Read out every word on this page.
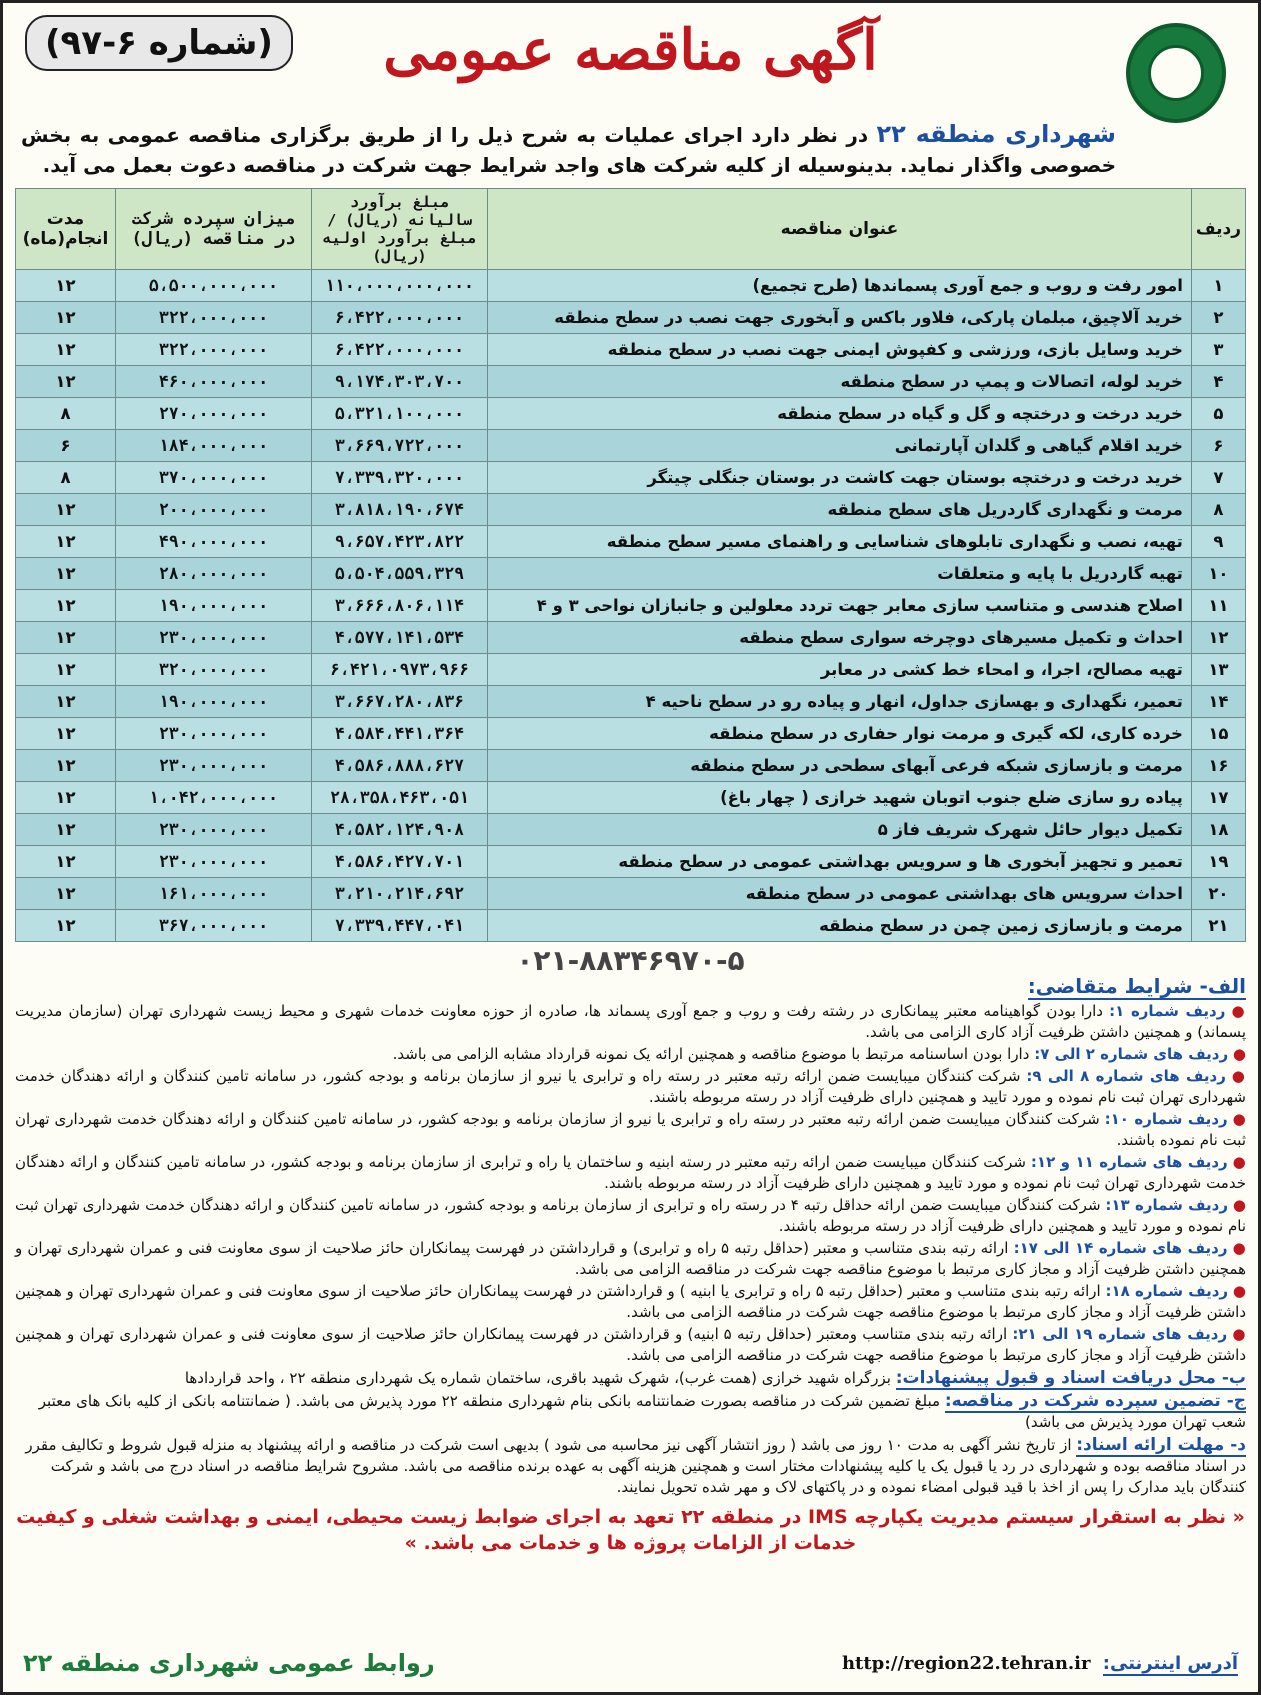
آگهی مناقصه عمومی
(شماره ۶-۹۷)

شهرداری منطقه ۲۲ در نظر دارد اجرای عملیات به شرح ذیل را از طریق برگزاری مناقصه عمومی به بخش خصوصی واگذار نماید. بدینوسیله از کلیه شرکت های واجد شرایط جهت شرکت در مناقصه دعوت بعمل می آید.

ردیف	عنوان مناقصه	مبلغ برآورد سالیانه (ریال) / مبلغ برآورد اولیه (ریال)	میزان سپرده شرکت در مناقصه (ریال)	مدت انجام(ماه)
۱	امور رفت و روب و جمع آوری پسماندها (طرح تجمیع)	۱۱۰،۰۰۰،۰۰۰،۰۰۰	۵،۵۰۰،۰۰۰،۰۰۰	۱۲
۲	خرید آلاچیق، مبلمان پارکی، فلاور باکس و آبخوری جهت نصب در سطح منطقه	۶،۴۲۲،۰۰۰،۰۰۰	۳۲۲،۰۰۰،۰۰۰	۱۲
۳	خرید وسایل بازی، ورزشی و کفپوش ایمنی جهت نصب در سطح منطقه	۶،۴۲۲،۰۰۰،۰۰۰	۳۲۲،۰۰۰،۰۰۰	۱۲
۴	خرید لوله، اتصالات و پمپ در سطح منطقه	۹،۱۷۴،۳۰۳،۷۰۰	۴۶۰،۰۰۰،۰۰۰	۱۲
۵	خرید درخت و درختچه و گل و گیاه در سطح منطقه	۵،۳۲۱،۱۰۰،۰۰۰	۲۷۰،۰۰۰،۰۰۰	۸
۶	خرید اقلام گیاهی و گلدان آپارتمانی	۳،۶۶۹،۷۲۲،۰۰۰	۱۸۴،۰۰۰،۰۰۰	۶
۷	خرید درخت و درختچه بوستان جهت کاشت در بوستان جنگلی چیتگر	۷،۳۳۹،۳۲۰،۰۰۰	۳۷۰،۰۰۰،۰۰۰	۸
۸	مرمت و نگهداری گاردریل های سطح منطقه	۳،۸۱۸،۱۹۰،۶۷۴	۲۰۰،۰۰۰،۰۰۰	۱۲
۹	تهیه، نصب و نگهداری تابلوهای شناسایی و راهنمای مسیر سطح منطقه	۹،۶۵۷،۴۲۳،۸۲۲	۴۹۰،۰۰۰،۰۰۰	۱۲
۱۰	تهیه گاردریل با پایه و متعلقات	۵،۵۰۴،۵۵۹،۳۲۹	۲۸۰،۰۰۰،۰۰۰	۱۲
۱۱	اصلاح هندسی و متناسب سازی معابر جهت تردد معلولین و جانبازان نواحی ۳ و ۴	۳،۶۶۶،۸۰۶،۱۱۴	۱۹۰،۰۰۰،۰۰۰	۱۲
۱۲	احداث و تکمیل مسیرهای دوچرخه سواری سطح منطقه	۴،۵۷۷،۱۴۱،۵۳۴	۲۳۰،۰۰۰،۰۰۰	۱۲
۱۳	تهیه مصالح، اجرا، و امحاء خط کشی در معابر	۶،۴۲۱،۰۹۷۳،۹۶۶	۳۲۰،۰۰۰،۰۰۰	۱۲
۱۴	تعمیر، نگهداری و بهسازی جداول، انهار و پیاده رو در سطح ناحیه ۴	۳،۶۶۷،۲۸۰،۸۳۶	۱۹۰،۰۰۰،۰۰۰	۱۲
۱۵	خرده کاری، لکه گیری و مرمت نوار حفاری در سطح منطقه	۴،۵۸۴،۴۴۱،۳۶۴	۲۳۰،۰۰۰،۰۰۰	۱۲
۱۶	مرمت و بازسازی شبکه فرعی آبهای سطحی در سطح منطقه	۴،۵۸۶،۸۸۸،۶۲۷	۲۳۰،۰۰۰،۰۰۰	۱۲
۱۷	پیاده رو سازی ضلع جنوب اتوبان شهید خرازی ( چهار باغ)	۲۸،۳۵۸،۴۶۳،۰۵۱	۱،۰۴۲،۰۰۰،۰۰۰	۱۲
۱۸	تکمیل دیوار حائل شهرک شریف فاز ۵	۴،۵۸۲،۱۲۴،۹۰۸	۲۳۰،۰۰۰،۰۰۰	۱۲
۱۹	تعمیر و تجهیز آبخوری ها و سرویس بهداشتی عمومی در سطح منطقه	۴،۵۸۶،۴۲۷،۷۰۱	۲۳۰،۰۰۰،۰۰۰	۱۲
۲۰	احداث سرویس های بهداشتی عمومی در سطح منطقه	۳،۲۱۰،۲۱۴،۶۹۲	۱۶۱،۰۰۰،۰۰۰	۱۲
۲۱	مرمت و بازسازی زمین چمن در سطح منطقه	۷،۳۳۹،۴۴۷،۰۴۱	۳۶۷،۰۰۰،۰۰۰	۱۲
۰۲۱-۸۸۳۴۶۹۷۰-۵
الف- شرایط متقاضی:
● ردیف شماره ۱: دارا بودن گواهینامه معتبر پیمانکاری در رشته رفت و روب و جمع آوری پسماند ها، صادره از حوزه معاونت خدمات شهری و محیط زیست شهرداری تهران (سازمان مدیریت پسماند) و همچنین داشتن ظرفیت آزاد کاری الزامی می باشد.
● ردیف های شماره ۲ الی ۷: دارا بودن اساسنامه مرتبط با موضوع مناقصه و همچنین ارائه یک نمونه قرارداد مشابه الزامی می باشد.
● ردیف های شماره ۸ الی ۹: شرکت کنندگان میبایست ضمن ارائه رتبه معتبر در رسته راه و ترابری یا نیرو از سازمان برنامه و بودجه کشور، در سامانه تامین کنندگان و ارائه دهندگان خدمت شهرداری تهران ثبت نام نموده و مورد تایید و همچنین دارای ظرفیت آزاد در رسته مربوطه باشند.
● ردیف شماره ۱۰: شرکت کنندگان میبایست ضمن ارائه رتبه معتبر در رسته راه و ترابری یا نیرو از سازمان برنامه و بودجه کشور، در سامانه تامین کنندگان و ارائه دهندگان خدمت شهرداری تهران ثبت نام نموده باشند.
● ردیف های شماره ۱۱ و ۱۲: شرکت کنندگان میبایست ضمن ارائه رتبه معتبر در رسته ابنیه و ساختمان یا راه و ترابری از سازمان برنامه و بودجه کشور، در سامانه تامین کنندگان و ارائه دهندگان خدمت شهرداری تهران ثبت نام نموده و مورد تایید و همچنین دارای ظرفیت آزاد در رسته مربوطه باشند.
● ردیف شماره ۱۳: شرکت کنندگان میبایست ضمن ارائه حداقل رتبه ۴ در رسته راه و ترابری از سازمان برنامه و بودجه کشور، در سامانه تامین کنندگان و ارائه دهندگان خدمت شهرداری تهران ثبت نام نموده و مورد تایید و همچنین دارای ظرفیت آزاد در رسته مربوطه باشند.
● ردیف های شماره ۱۴ الی ۱۷: ارائه رتبه بندی متناسب و معتبر (حداقل رتبه ۵ راه و ترابری) و قرارداشتن در فهرست پیمانکاران حائز صلاحیت از سوی معاونت فنی و عمران شهرداری تهران و همچنین داشتن ظرفیت آزاد و مجاز کاری مرتبط با موضوع مناقصه جهت شرکت در مناقصه الزامی می باشد.
● ردیف شماره ۱۸: ارائه رتبه بندی متناسب و معتبر (حداقل رتبه ۵ راه و ترابری یا ابنیه ) و قرارداشتن در فهرست پیمانکاران حائز صلاحیت از سوی معاونت فنی و عمران شهرداری تهران و همچنین داشتن ظرفیت آزاد و مجاز کاری مرتبط با موضوع مناقصه جهت شرکت در مناقصه الزامی می باشد.
● ردیف های شماره ۱۹ الی ۲۱: ارائه رتبه بندی متناسب ومعتبر (حداقل رتبه ۵ ابنیه) و قرارداشتن در فهرست پیمانکاران حائز صلاحیت از سوی معاونت فنی و عمران شهرداری تهران و همچنین داشتن ظرفیت آزاد و مجاز کاری مرتبط با موضوع مناقصه جهت شرکت در مناقصه الزامی می باشد.
ب- محل دریافت اسناد و قبول پیشنهادات: بزرگراه شهید خرازی (همت غرب)، شهرک شهید باقری، ساختمان شماره یک شهرداری منطقه ۲۲ ، واحد قراردادها
ج- تضمین سپرده شرکت در مناقصه: مبلغ تضمین شرکت در مناقصه بصورت ضمانتنامه بانکی بنام شهرداری منطقه ۲۲ مورد پذیرش می باشد. ( ضمانتنامه بانکی از کلیه بانک های معتبر شعب تهران مورد پذیرش می باشد)
د- مهلت ارائه اسناد: از تاریخ نشر آگهی به مدت ۱۰ روز می باشد ( روز انتشار آگهی نیز محاسبه می شود ) بدیهی است شرکت در مناقصه و ارائه پیشنهاد به منزله قبول شروط و تکالیف مقرر در اسناد مناقصه بوده و شهرداری در رد یا قبول یک یا کلیه پیشنهادات مختار است و همچنین هزینه آگهی به عهده برنده مناقصه می باشد. مشروح شرایط مناقصه در اسناد درج می باشد و شرکت کنندگان باید مدارک را پس از اخذ با قید قبولی امضاء نموده و در پاکتهای لاک و مهر شده تحویل نمایند.
« نظر به استقرار سیستم مدیریت یکپارچه IMS در منطقه ۲۲ تعهد به اجرای ضوابط زیست محیطی، ایمنی و بهداشت شغلی و کیفیت خدمات از الزامات پروژه ها و خدمات می باشد. »
آدرس اینترنتی: http://region22.tehran.ir
روابط عمومی شهرداری منطقه ۲۲
